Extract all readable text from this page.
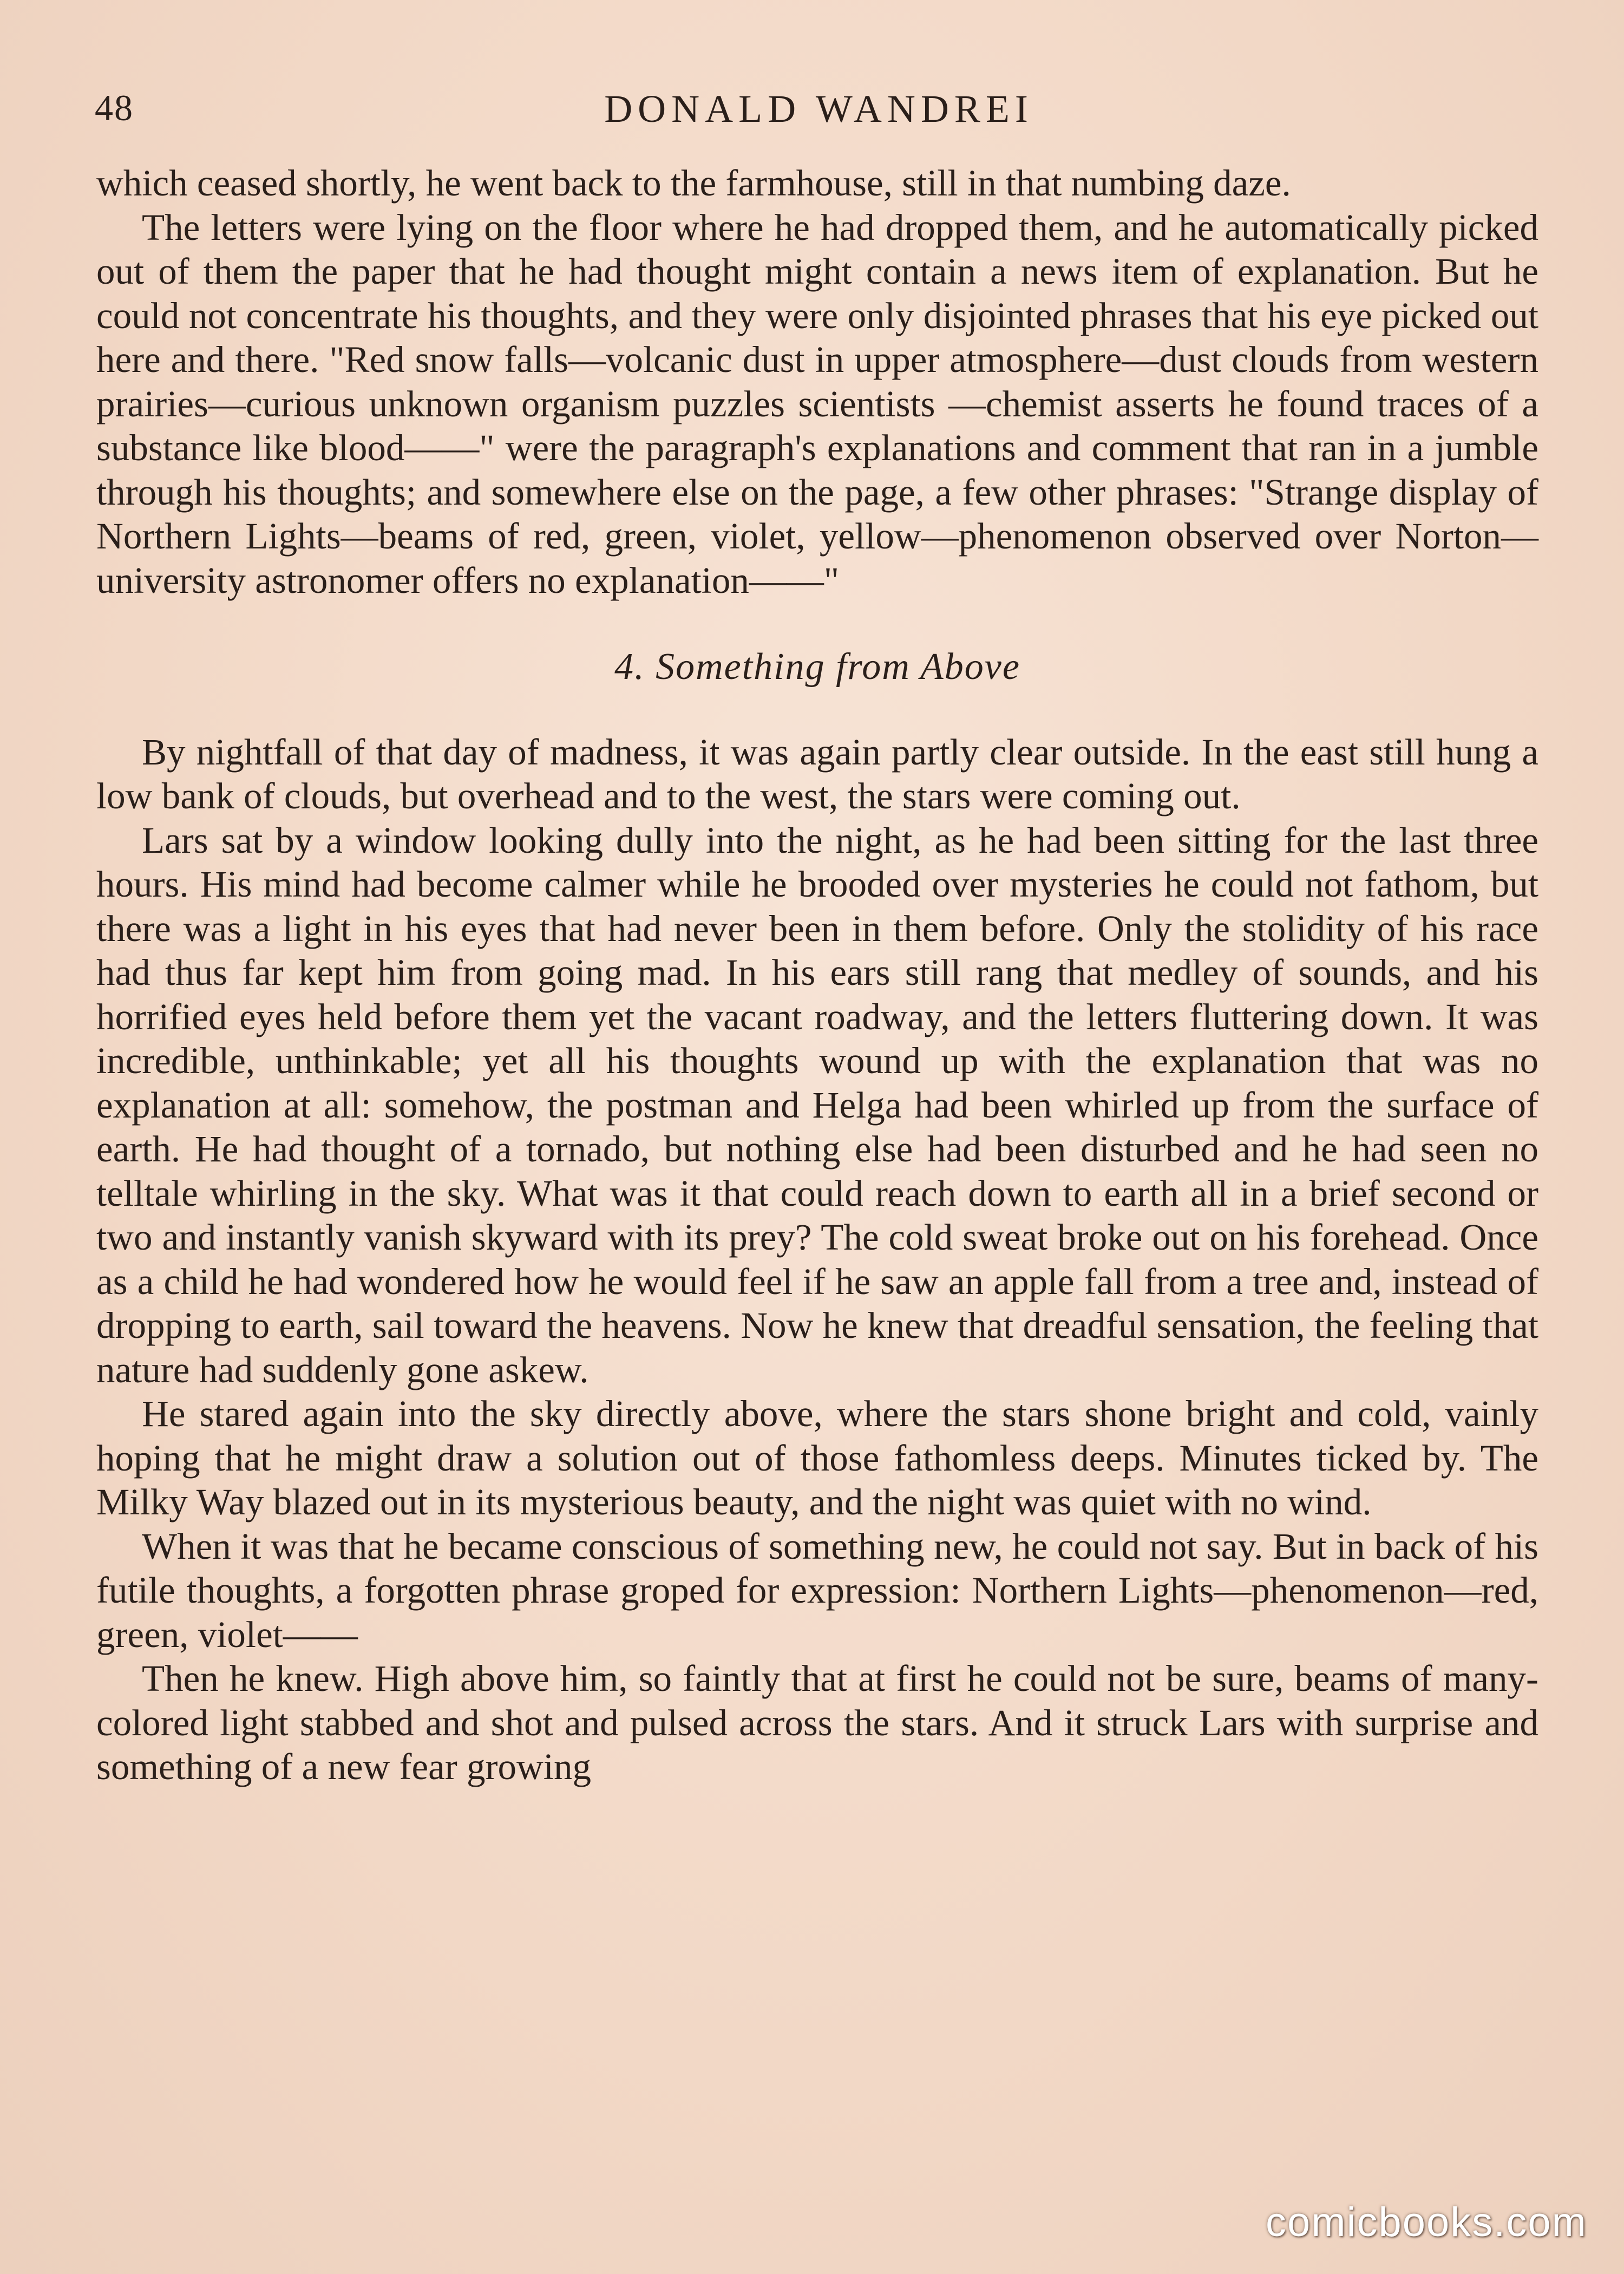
48	DONALD WANDREI

which ceased shortly, he went back to the farmhouse, still in that numbing daze.

The letters were lying on the floor where he had dropped them, and he automatically picked out of them the paper that he had thought might contain a news item of explanation. But he could not concentrate his thoughts, and they were only disjointed phrases that his eye picked out here and there. "Red snow falls—volcanic dust in upper atmosphere—dust clouds from western prairies—curious unknown organism puzzles scientists —chemist asserts he found traces of a substance like blood——" were the paragraph's explanations and comment that ran in a jumble through his thoughts; and somewhere else on the page, a few other phrases: "Strange display of Northern Lights—beams of red, green, violet, yellow—phenomenon observed over Norton—university astronomer offers no explanation——"

4. Something from Above

By nightfall of that day of madness, it was again partly clear outside. In the east still hung a low bank of clouds, but overhead and to the west, the stars were coming out.

Lars sat by a window looking dully into the night, as he had been sitting for the last three hours. His mind had become calmer while he brooded over mysteries he could not fathom, but there was a light in his eyes that had never been in them before. Only the stolidity of his race had thus far kept him from going mad. In his ears still rang that medley of sounds, and his horrified eyes held before them yet the vacant roadway, and the letters fluttering down. It was incredible, unthinkable; yet all his thoughts wound up with the explanation that was no explanation at all: somehow, the postman and Helga had been whirled up from the surface of earth. He had thought of a tornado, but nothing else had been disturbed and he had seen no telltale whirling in the sky. What was it that could reach down to earth all in a brief second or two and instantly vanish skyward with its prey? The cold sweat broke out on his forehead. Once as a child he had wondered how he would feel if he saw an apple fall from a tree and, instead of dropping to earth, sail toward the heavens. Now he knew that dreadful sensation, the feeling that nature had suddenly gone askew.

He stared again into the sky directly above, where the stars shone bright and cold, vainly hoping that he might draw a solution out of those fathomless deeps. Minutes ticked by. The Milky Way blazed out in its mysterious beauty, and the night was quiet with no wind.

When it was that he became conscious of something new, he could not say. But in back of his futile thoughts, a forgotten phrase groped for expression: Northern Lights—phenomenon—red, green, violet——

Then he knew. High above him, so faintly that at first he could not be sure, beams of many-colored light stabbed and shot and pulsed across the stars. And it struck Lars with surprise and something of a new fear growing

comicbooks.com
